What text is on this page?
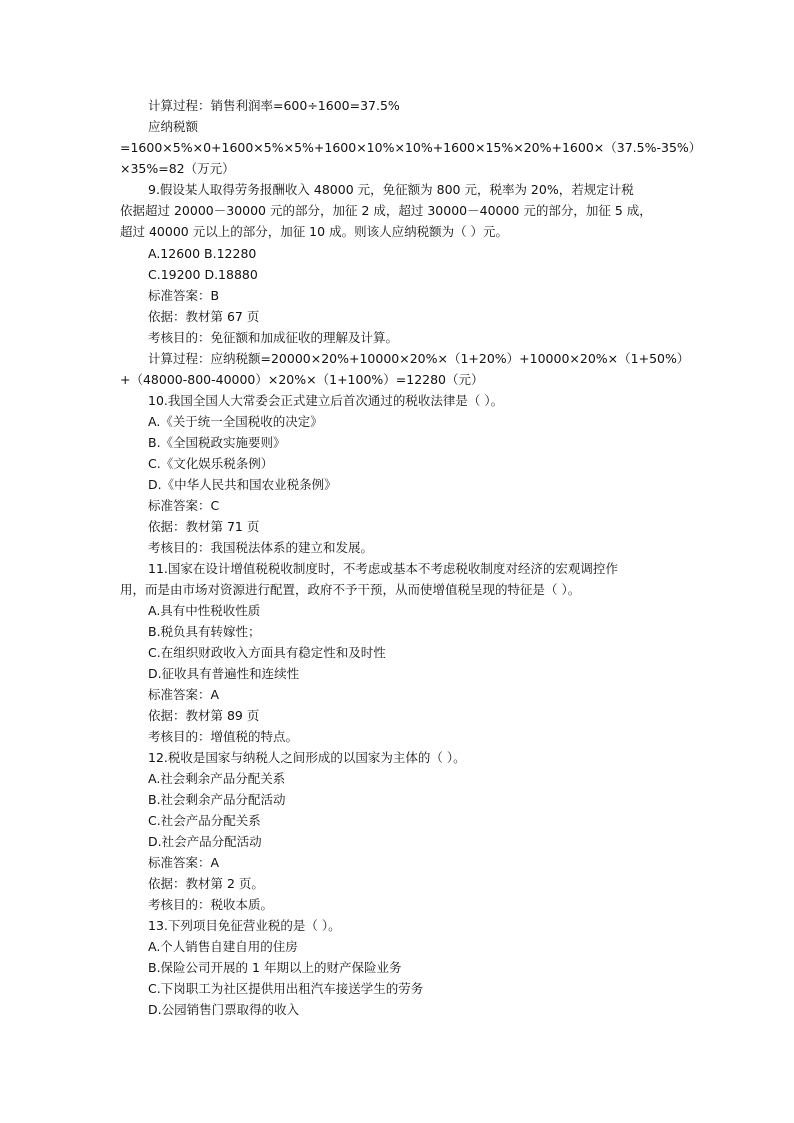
计算过程：销售利润率=600÷1600=37.5%
应纳税额
=1600×5%×0+1600×5%×5%+1600×10%×10%+1600×15%×20%+1600×（37.5%-35%）
×35%=82（万元）
9.假设某人取得劳务报酬收入 48000 元，免征额为 800 元，税率为 20%，若规定计税
依据超过 20000－30000 元的部分，加征 2 成，超过 30000－40000 元的部分，加征 5 成，
超过 40000 元以上的部分，加征 10 成。则该人应纳税额为（ ）元。
A.12600 B.12280
C.19200 D.18880
标准答案：B
依据：教材第 67 页
考核目的：免征额和加成征收的理解及计算。
计算过程：应纳税额=20000×20%+10000×20%×（1+20%）+10000×20%×（1+50%）
+（48000-800-40000）×20%×（1+100%）=12280（元）
10.我国全国人大常委会正式建立后首次通过的税收法律是（ ）。
A.《关于统一全国税收的决定》
B.《全国税政实施要则》
C.《文化娱乐税条例）
D.《中华人民共和国农业税条例》
标准答案：C
依据：教材第 71 页
考核目的：我国税法体系的建立和发展。
11.国家在设计增值税税收制度时，不考虑或基本不考虑税收制度对经济的宏观调控作
用，而是由市场对资源进行配置，政府不予干预，从而使增值税呈现的特征是（ ）。
A.具有中性税收性质
B.税负具有转嫁性；
C.在组织财政收入方面具有稳定性和及时性
D.征收具有普遍性和连续性
标准答案：A
依据：教材第 89 页
考核目的：增值税的特点。
12.税收是国家与纳税人之间形成的以国家为主体的（ ）。
A.社会剩余产品分配关系
B.社会剩余产品分配活动
C.社会产品分配关系
D.社会产品分配活动
标准答案：A
依据：教材第 2 页。
考核目的：税收本质。
13.下列项目免征营业税的是（ ）。
A.个人销售自建自用的住房
B.保险公司开展的 1 年期以上的财产保险业务
C.下岗职工为社区提供用出租汽车接送学生的劳务
D.公园销售门票取得的收入
